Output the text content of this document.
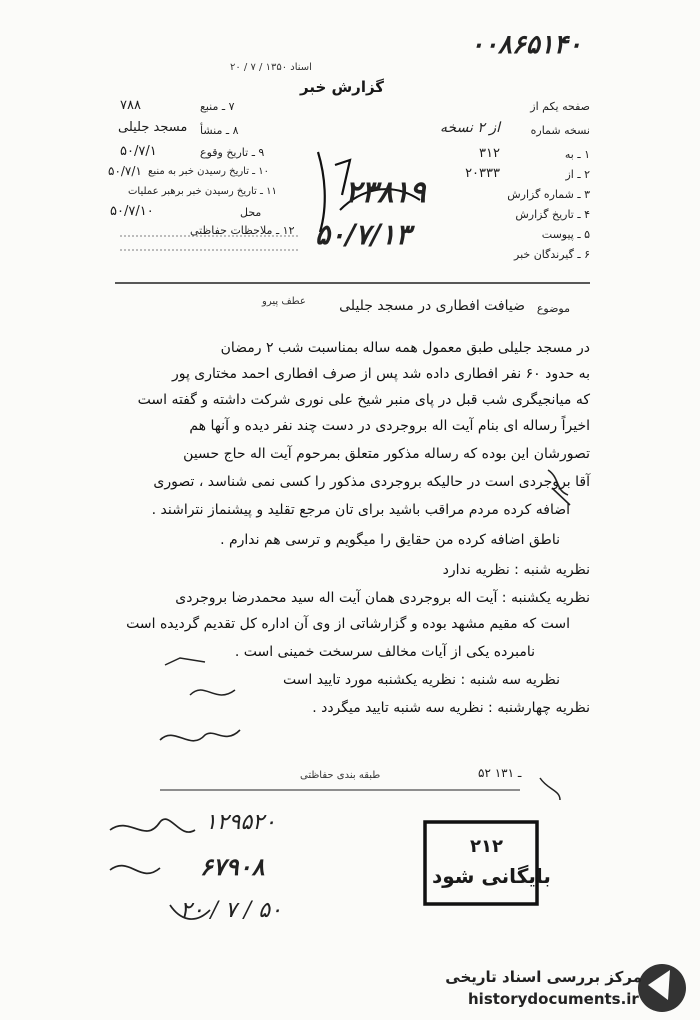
۰۰۸۶۵۱۴۰
اسناد ۱۳۵۰ / ۷ / ۲۰
گزارش خبر
صفحه یکم از
نسخه شماره
از ۲ نسخه
۱ ـ به
۳۱۲
۲ ـ از
۲۰۳۳۳
۳ ـ شماره گزارش
۴ ـ تاریخ گزارش
۵ ـ پیوست
۶ ـ گیرندگان خبر
۷ ـ منبع
۷۸۸
۸ ـ منشأ
مسجد جلیلی
۹ ـ تاریخ وقوع
۵۰/۷/۱
۱۰ ـ تاریخ رسیدن خبر به منبع
۵۰/۷/۱
۱۱ ـ تاریخ رسیدن خبر برهبر عملیات
محل
۵۰/۷/۱۰
۱۲ ـ ملاحظات حفاظتی
۲۳۸۱۹
۵۰/۷/۱۳
موضوع
ضیافت افطاری در مسجد جلیلی
عطف پیرو
در مسجد جلیلی طبق معمول همه ساله بمناسبت شب ۲ رمضان
به حدود ۶۰ نفر افطاری داده شد پس از صرف افطاری احمد مختاری پور
که میانجیگری شب قبل در پای منبر شیخ علی نوری شرکت داشته و گفته است
اخیراً رساله ای بنام آیت اله بروجردی در دست چند نفر دیده و آنها هم
تصورشان این بوده که رساله مذکور متعلق بمرحوم آیت اله حاج حسین
آقا بروجردی است در حالیکه بروجردی مذکور را کسی نمی شناسد ، تصوری
اضافه کرده مردم مراقب باشید برای تان مرجع تقلید و پیشنماز نتراشند .
ناطق اضافه کرده من حقایق را میگویم و ترسی هم ندارم .
نظریه شنبه : نظریه ندارد
نظریه یکشنبه : آیت اله بروجردی همان آیت اله سید محمدرضا بروجردی
است که مقیم مشهد بوده و گزارشاتی از وی آن اداره کل تقدیم گردیده است
نامبرده یکی از آیات مخالف سرسخت خمینی است .
نظریه سه شنبه : نظریه یکشنبه مورد تایید است
نظریه چهارشنبه : نظریه سه شنبه تایید میگردد .
۵۲ ـ ۱۳۱
طبقه بندی حفاظتی
۱۲۹۵۲۰
۶۷۹۰۸
۲۰ / ۷ / ۵۰
۲۱۲
بایگانی شود
مرکز بررسی اسناد تاریخی
historydocuments.ir
